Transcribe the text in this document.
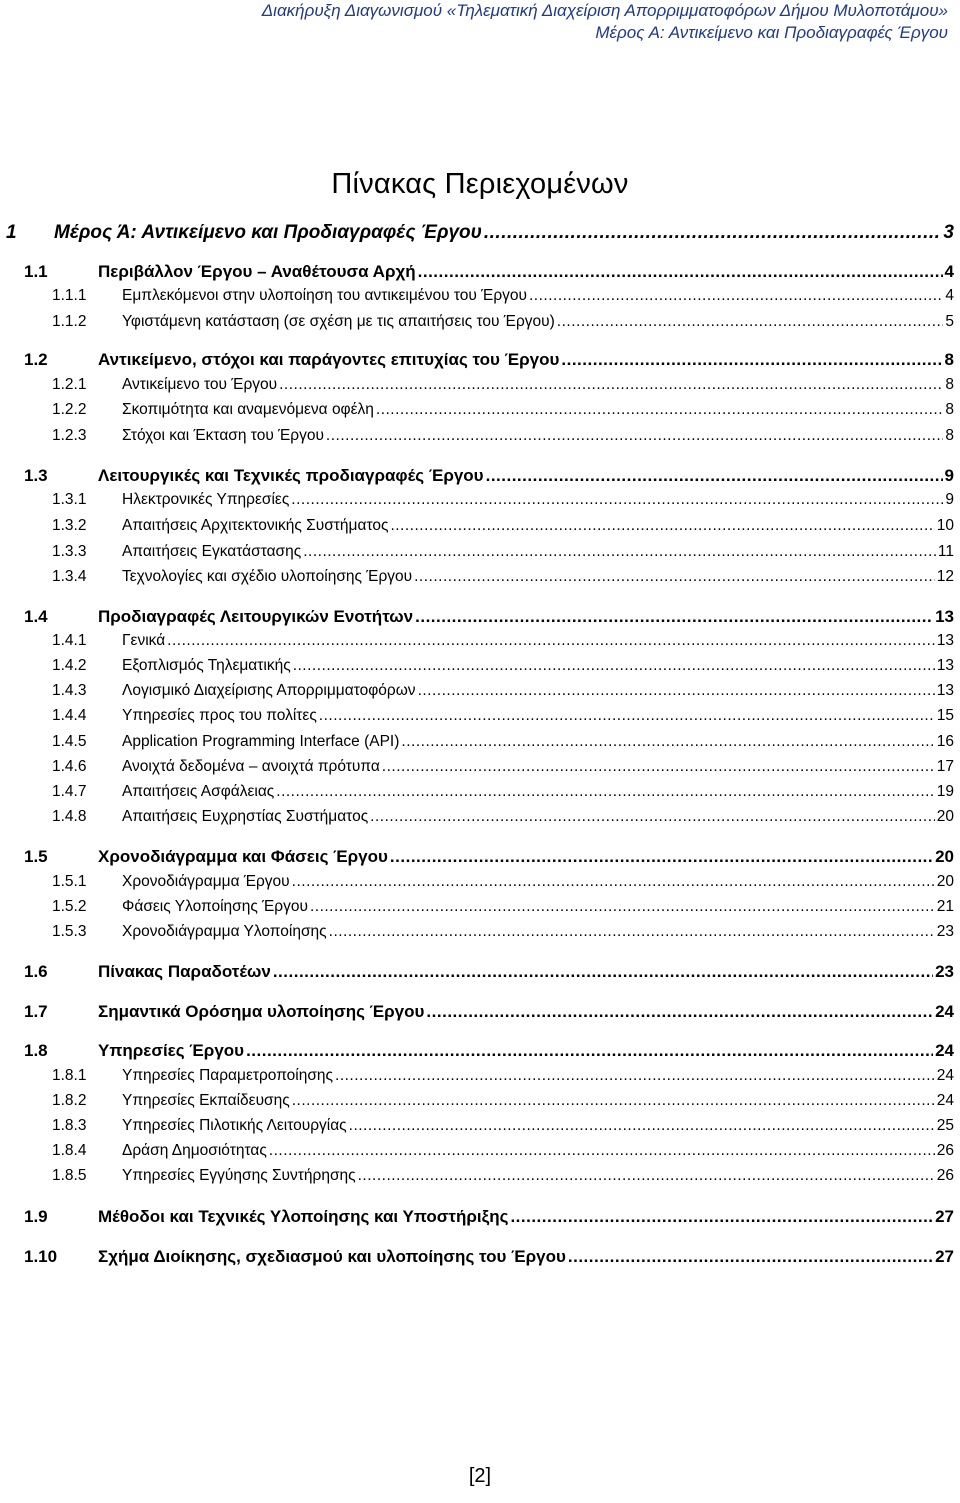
Διακήρυξη Διαγωνισμού «Τηλεματική Διαχείριση Απορριμματοφόρων Δήμου Μυλοποτάμου»
Μέρος Α: Αντικείμενο και Προδιαγραφές Έργου
Πίνακας Περιεχομένων
1	Μέρος Ά: Αντικείμενο και Προδιαγραφές Έργου .....	3
1.1	Περιβάλλον Έργου – Αναθέτουσα Αρχή .....	4
1.1.1	Εμπλεκόμενοι στην υλοποίηση του αντικειμένου του Έργου .....	4
1.1.2	Υφιστάμενη κατάσταση (σε σχέση με τις απαιτήσεις του Έργου) .....	5
1.2	Αντικείμενο, στόχοι και παράγοντες επιτυχίας του Έργου .....	8
1.2.1	Αντικείμενο του Έργου .....	8
1.2.2	Σκοπιμότητα και αναμενόμενα οφέλη .....	8
1.2.3	Στόχοι και Έκταση του Έργου .....	8
1.3	Λειτουργικές και Τεχνικές προδιαγραφές Έργου .....	9
1.3.1	Ηλεκτρονικές Υπηρεσίες .....	9
1.3.2	Απαιτήσεις Αρχιτεκτονικής Συστήματος .....	10
1.3.3	Απαιτήσεις Εγκατάστασης .....	11
1.3.4	Τεχνολογίες και σχέδιο υλοποίησης Έργου .....	12
1.4	Προδιαγραφές Λειτουργικών Ενοτήτων .....	13
1.4.1	Γενικά .....	13
1.4.2	Εξοπλισμός Τηλεματικής .....	13
1.4.3	Λογισμικό Διαχείρισης Απορριμματοφόρων .....	13
1.4.4	Υπηρεσίες προς του πολίτες .....	15
1.4.5	Application Programming Interface (API) .....	16
1.4.6	Ανοιχτά δεδομένα – ανοιχτά πρότυπα .....	17
1.4.7	Απαιτήσεις Ασφάλειας .....	19
1.4.8	Απαιτήσεις Ευχρηστίας Συστήματος .....	20
1.5	Χρονοδιάγραμμα και Φάσεις Έργου .....	20
1.5.1	Χρονοδιάγραμμα Έργου .....	20
1.5.2	Φάσεις Υλοποίησης Έργου .....	21
1.5.3	Χρονοδιάγραμμα Υλοποίησης .....	23
1.6	Πίνακας Παραδοτέων .....	23
1.7	Σημαντικά Ορόσημα υλοποίησης Έργου .....	24
1.8	Υπηρεσίες Έργου .....	24
1.8.1	Υπηρεσίες Παραμετροποίησης .....	24
1.8.2	Υπηρεσίες Εκπαίδευσης .....	24
1.8.3	Υπηρεσίες Πιλοτικής Λειτουργίας .....	25
1.8.4	Δράση Δημοσιότητας .....	26
1.8.5	Υπηρεσίες Εγγύησης Συντήρησης .....	26
1.9	Μέθοδοι και Τεχνικές Υλοποίησης και Υποστήριξης .....	27
1.10	Σχήμα Διοίκησης, σχεδιασμού και υλοποίησης του Έργου .....	27
[2]
